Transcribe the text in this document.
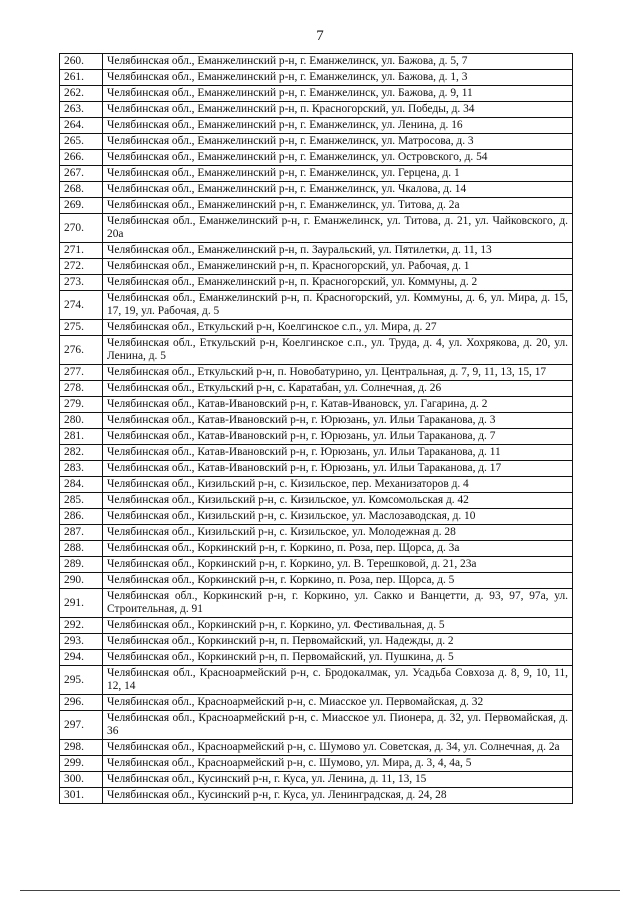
7
260.	Челябинская обл., Еманжелинский р-н, г. Еманжелинск, ул. Бажова, д. 5, 7
261.	Челябинская обл., Еманжелинский р-н, г. Еманжелинск, ул. Бажова, д. 1, 3
262.	Челябинская обл., Еманжелинский р-н, г. Еманжелинск, ул. Бажова, д. 9, 11
263.	Челябинская обл., Еманжелинский р-н, п. Красногорский, ул. Победы, д. 34
264.	Челябинская обл., Еманжелинский р-н, г. Еманжелинск, ул. Ленина, д. 16
265.	Челябинская обл., Еманжелинский р-н, г. Еманжелинск, ул. Матросова, д. 3
266.	Челябинская обл., Еманжелинский р-н, г. Еманжелинск, ул. Островского, д. 54
267.	Челябинская обл., Еманжелинский р-н, г. Еманжелинск, ул. Герцена, д. 1
268.	Челябинская обл., Еманжелинский р-н, г. Еманжелинск, ул. Чкалова, д. 14
269.	Челябинская обл., Еманжелинский р-н, г. Еманжелинск, ул. Титова, д. 2а
270.	Челябинская обл., Еманжелинский р-н, г. Еманжелинск, ул. Титова, д. 21, ул. Чайковского, д. 20а
271.	Челябинская обл., Еманжелинский р-н, п. Зауральский, ул. Пятилетки, д. 11, 13
272.	Челябинская обл., Еманжелинский р-н, п. Красногорский, ул. Рабочая, д. 1
273.	Челябинская обл., Еманжелинский р-н, п. Красногорский, ул. Коммуны, д. 2
274.	Челябинская обл., Еманжелинский р-н, п. Красногорский, ул. Коммуны, д. 6, ул. Мира, д. 15, 17, 19, ул. Рабочая, д. 5
275.	Челябинская обл., Еткульский р-н, Коелгинское с.п., ул. Мира, д. 27
276.	Челябинская обл., Еткульский р-н, Коелгинское с.п., ул. Труда, д. 4, ул. Хохрякова, д. 20, ул. Ленина, д. 5
277.	Челябинская обл., Еткульский р-н, п. Новобатурино, ул. Центральная, д. 7, 9, 11, 13, 15, 17
278.	Челябинская обл., Еткульский р-н, с. Каратабан, ул. Солнечная, д. 26
279.	Челябинская обл., Катав-Ивановский р-н, г. Катав-Ивановск, ул. Гагарина, д. 2
280.	Челябинская обл., Катав-Ивановский р-н, г. Юрюзань, ул. Ильи Тараканова, д. 3
281.	Челябинская обл., Катав-Ивановский р-н, г. Юрюзань, ул. Ильи Тараканова, д. 7
282.	Челябинская обл., Катав-Ивановский р-н, г. Юрюзань, ул. Ильи Тараканова, д. 11
283.	Челябинская обл., Катав-Ивановский р-н, г. Юрюзань, ул. Ильи Тараканова, д. 17
284.	Челябинская обл., Кизильский р-н, с. Кизильское, пер. Механизаторов д. 4
285.	Челябинская обл., Кизильский р-н, с. Кизильское, ул. Комсомольская д. 42
286.	Челябинская обл., Кизильский р-н, с. Кизильское, ул. Маслозаводская, д. 10
287.	Челябинская обл., Кизильский р-н, с. Кизильское, ул. Молодежная д. 28
288.	Челябинская обл., Коркинский р-н, г. Коркино, п. Роза, пер. Щорса, д. 3а
289.	Челябинская обл., Коркинский р-н, г. Коркино, ул. В. Терешковой, д. 21, 23а
290.	Челябинская обл., Коркинский р-н, г. Коркино, п. Роза, пер. Щорса, д. 5
291.	Челябинская обл., Коркинский р-н, г. Коркино, ул. Сакко и Ванцетти, д. 93, 97, 97а, ул. Строительная, д. 91
292.	Челябинская обл., Коркинский р-н, г. Коркино, ул. Фестивальная, д. 5
293.	Челябинская обл., Коркинский р-н, п. Первомайский, ул. Надежды, д. 2
294.	Челябинская обл., Коркинский р-н, п. Первомайский, ул. Пушкина, д. 5
295.	Челябинская обл., Красноармейский р-н, с. Бродокалмак, ул. Усадьба Совхоза д. 8, 9, 10, 11, 12, 14
296.	Челябинская обл., Красноармейский р-н, с. Миасское ул. Первомайская, д. 32
297.	Челябинская обл., Красноармейский р-н, с. Миасское ул. Пионера, д. 32, ул. Первомайская, д. 36
298.	Челябинская обл., Красноармейский р-н, с. Шумово ул. Советская, д. 34, ул. Солнечная, д. 2а
299.	Челябинская обл., Красноармейский р-н, с. Шумово, ул. Мира, д. 3, 4, 4а, 5
300.	Челябинская обл., Кусинский р-н, г. Куса, ул. Ленина, д. 11, 13, 15
301.	Челябинская обл., Кусинский р-н, г. Куса, ул. Ленинградская, д. 24, 28
